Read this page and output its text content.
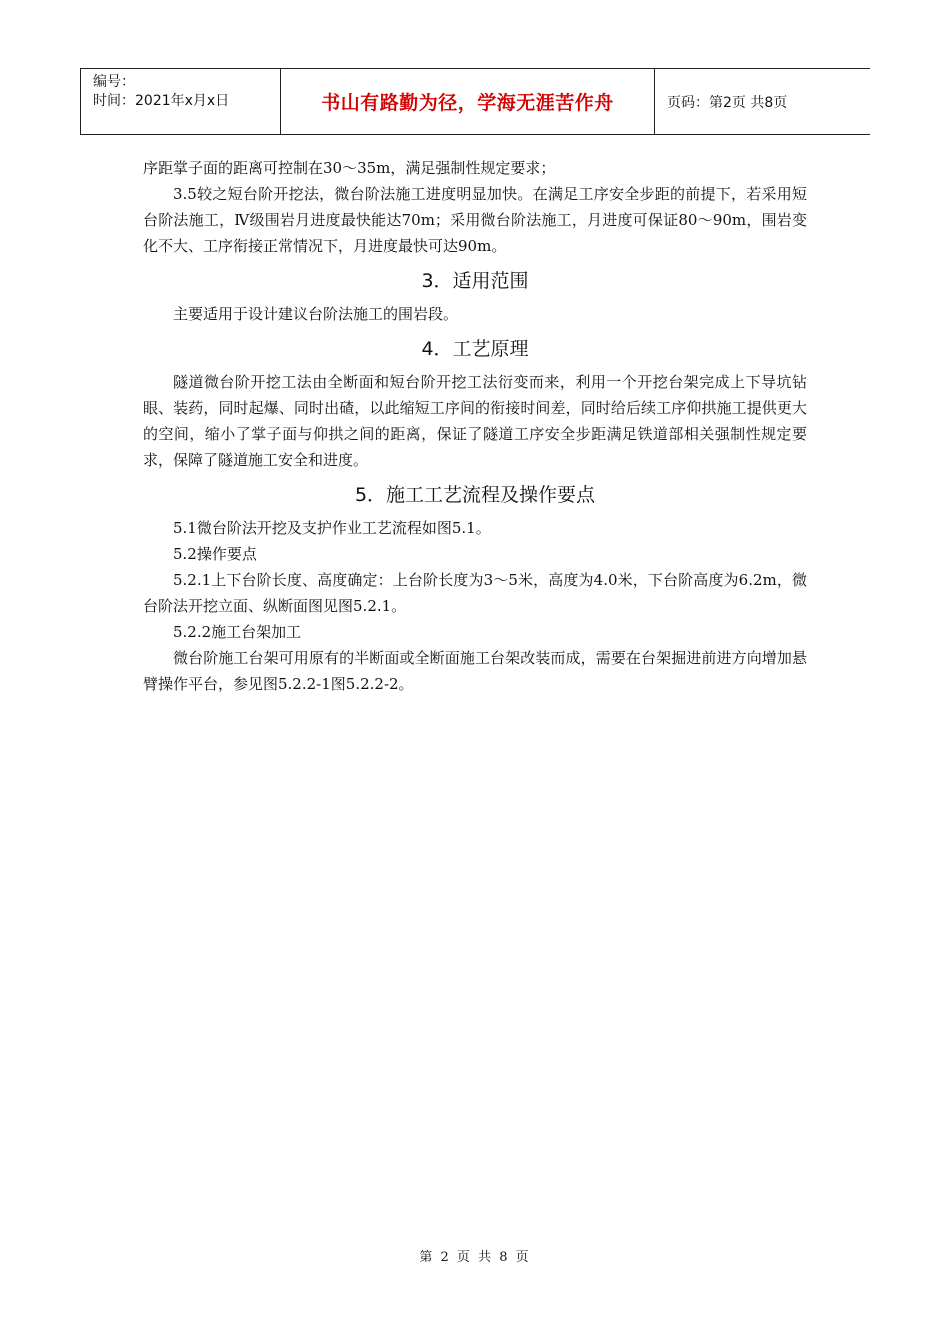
编号：
时间：2021年x月x日	书山有路勤为径，学海无涯苦作舟	页码：第2页 共8页

序距掌子面的距离可控制在30～35m，满足强制性规定要求；

3.5较之短台阶开挖法，微台阶法施工进度明显加快。在满足工序安全步距的前提下，若采用短台阶法施工，Ⅳ级围岩月进度最快能达70m；采用微台阶法施工，月进度可保证80～90m，围岩变化不大、工序衔接正常情况下，月进度最快可达90m。

3．适用范围

主要适用于设计建议台阶法施工的围岩段。

4．工艺原理

隧道微台阶开挖工法由全断面和短台阶开挖工法衍变而来，利用一个开挖台架完成上下导坑钻眼、装药，同时起爆、同时出碴，以此缩短工序间的衔接时间差，同时给后续工序仰拱施工提供更大的空间，缩小了掌子面与仰拱之间的距离，保证了隧道工序安全步距满足铁道部相关强制性规定要求，保障了隧道施工安全和进度。

5．施工工艺流程及操作要点

5.1微台阶法开挖及支护作业工艺流程如图5.1。

5.2操作要点

5.2.1上下台阶长度、高度确定：上台阶长度为3～5米，高度为4.0米，下台阶高度为6.2m，微台阶法开挖立面、纵断面图见图5.2.1。

5.2.2施工台架加工

微台阶施工台架可用原有的半断面或全断面施工台架改装而成，需要在台架掘进前进方向增加悬臂操作平台，参见图5.2.2-1图5.2.2-2。

第 2 页 共 8 页
